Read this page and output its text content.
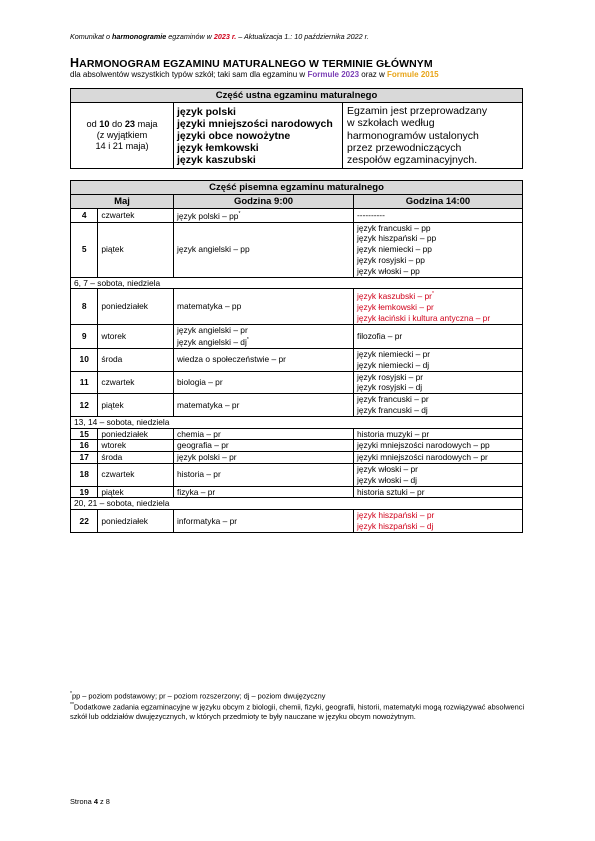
Komunikat o harmonogramie egzaminów w 2023 r. – Aktualizacja 1.: 10 października 2022 r.
HARMONOGRAM EGZAMINU MATURALNEGO W TERMINIE GŁÓWNYM
dla absolwentów wszystkich typów szkół; taki sam dla egzaminu w Formule 2023 oraz w Formule 2015
Część ustna egzaminu maturalnego

od 10 do 23 maja
(z wyjątkiem
14 i 21 maja)

język polski
języki mniejszości narodowych
języki obce nowożytne
język łemkowski
język kaszubski

Egzamin jest przeprowadzany
w szkołach według
harmonogramów ustalonych
przez przewodniczących
zespołów egzaminacyjnych.
Część pisemna egzaminu maturalnego			
Maj		Godzina 9:00	Godzina 14:00
4	czwartek	język polski – pp*	----------

5	piątek	język angielski – pp	język francuski – pp
język hiszpański – pp
język niemiecki – pp
język rosyjski – pp
język włoski – pp

6, 7 – sobota, niedziela			
8	poniedziałek	matematyka – pp	język kaszubski – pr*
język łemkowski – pr
język łaciński i kultura antyczna – pr

9	wtorek	język angielski – pr
język angielski – dj*	filozofia – pr

10	środa	wiedza o społeczeństwie – pr	język niemiecki – pr
język niemiecki – dj

11	czwartek	biologia – pr	język rosyjski – pr
język rosyjski – dj

12	piątek	matematyka – pr	język francuski – pr
język francuski – dj

13, 14 – sobota, niedziela			
15	poniedziałek	chemia – pr	historia muzyki – pr

16	wtorek	geografia – pr	języki mniejszości narodowych – pp

17	środa	język polski – pr	języki mniejszości narodowych – pr

18	czwartek	historia – pr	język włoski – pr
język włoski – dj

19	piątek	fizyka – pr	historia sztuki – pr

20, 21 – sobota, niedziela			
22	poniedziałek	informatyka – pr	język hiszpański – pr
język hiszpański – dj
*pp – poziom podstawowy; pr – poziom rozszerzony; dj – poziom dwujęzyczny
**Dodatkowe zadania egzaminacyjne w języku obcym z biologii, chemii, fizyki, geografii, historii, matematyki mogą rozwiązywać absolwenci szkół lub oddziałów dwujęzycznych, w których przedmioty te były nauczane w języku obcym nowożytnym.
Strona 4 z 8
